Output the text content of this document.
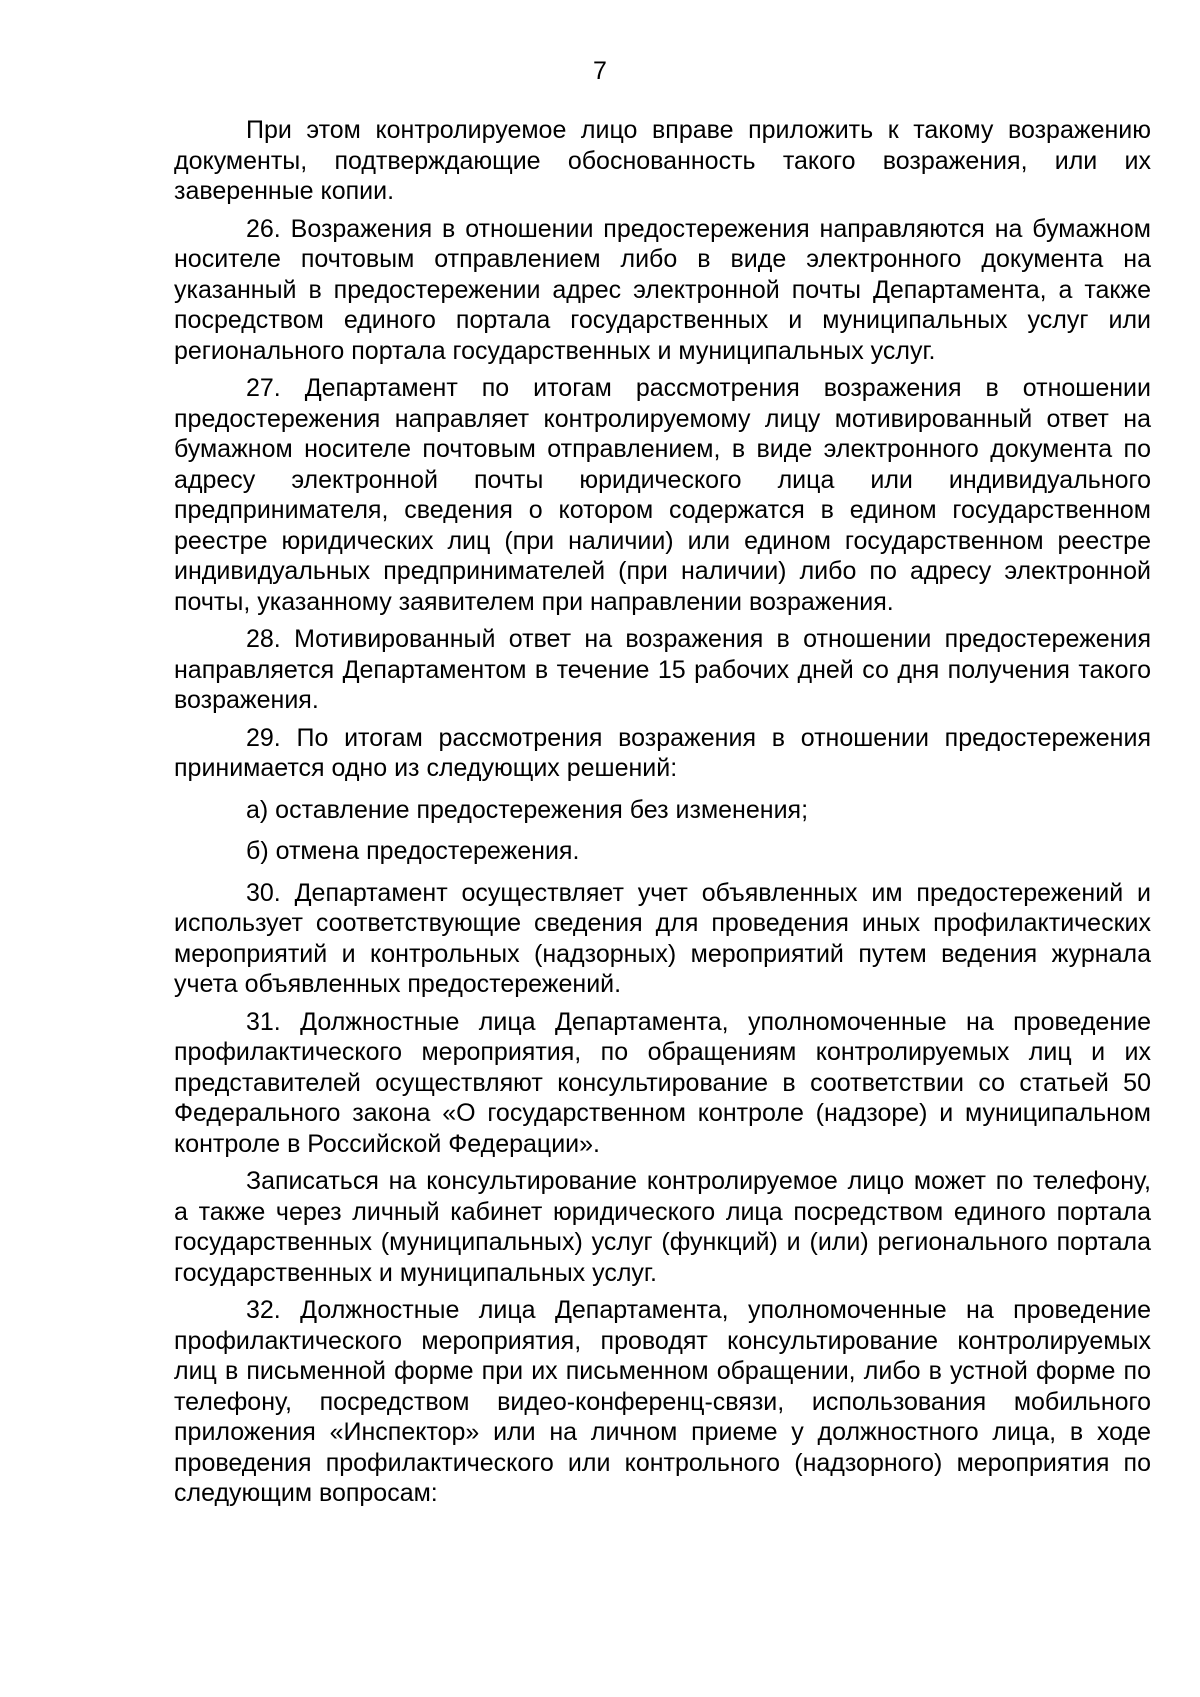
7

При этом контролируемое лицо вправе приложить к такому возражению документы, подтверждающие обоснованность такого возражения, или их заверенные копии.

26. Возражения в отношении предостережения направляются на бумажном носителе почтовым отправлением либо в виде электронного документа на указанный в предостережении адрес электронной почты Департамента, а также посредством единого портала государственных и муниципальных услуг или регионального портала государственных и муниципальных услуг.

27. Департамент по итогам рассмотрения возражения в отношении предостережения направляет контролируемому лицу мотивированный ответ на бумажном носителе почтовым отправлением, в виде электронного документа по адресу электронной почты юридического лица или индивидуального предпринимателя, сведения о котором содержатся в едином государственном реестре юридических лиц (при наличии) или едином государственном реестре индивидуальных предпринимателей (при наличии) либо по адресу электронной почты, указанному заявителем при направлении возражения.

28. Мотивированный ответ на возражения в отношении предостережения направляется Департаментом в течение 15 рабочих дней со дня получения такого возражения.

29. По итогам рассмотрения возражения в отношении предостережения принимается одно из следующих решений:

а) оставление предостережения без изменения;

б) отмена предостережения.

30. Департамент осуществляет учет объявленных им предостережений и использует соответствующие сведения для проведения иных профилактических мероприятий и контрольных (надзорных) мероприятий путем ведения журнала учета объявленных предостережений.

31. Должностные лица Департамента, уполномоченные на проведение профилактического мероприятия, по обращениям контролируемых лиц и их представителей осуществляют консультирование в соответствии со статьей 50 Федерального закона «О государственном контроле (надзоре) и муниципальном контроле в Российской Федерации».

Записаться на консультирование контролируемое лицо может по телефону, а также через личный кабинет юридического лица посредством единого портала государственных (муниципальных) услуг (функций) и (или) регионального портала государственных и муниципальных услуг.

32. Должностные лица Департамента, уполномоченные на проведение профилактического мероприятия, проводят консультирование контролируемых лиц в письменной форме при их письменном обращении, либо в устной форме по телефону, посредством видео-конференц-связи, использования мобильного приложения «Инспектор» или на личном приеме у должностного лица, в ходе проведения профилактического или контрольного (надзорного) мероприятия по следующим вопросам:
